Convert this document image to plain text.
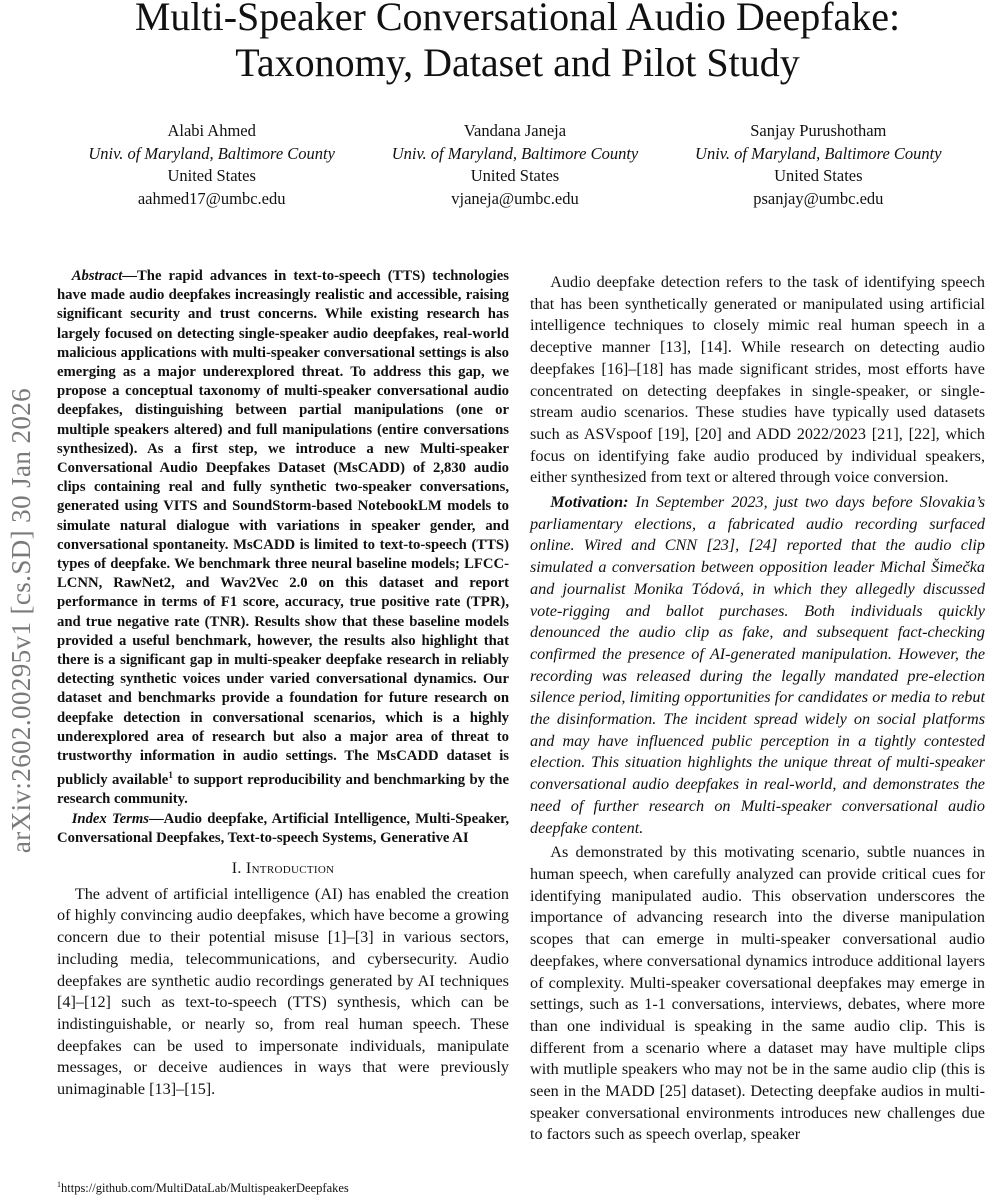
arXiv:2602.00295v1 [cs.SD] 30 Jan 2026
Multi-Speaker Conversational Audio Deepfake:
Taxonomy, Dataset and Pilot Study
Alabi Ahmed
Univ. of Maryland, Baltimore County
United States
aahmed17@umbc.edu
Vandana Janeja
Univ. of Maryland, Baltimore County
United States
vjaneja@umbc.edu
Sanjay Purushotham
Univ. of Maryland, Baltimore County
United States
psanjay@umbc.edu

Abstract—The rapid advances in text-to-speech (TTS) technologies have made audio deepfakes increasingly realistic and accessible, raising significant security and trust concerns. While existing research has largely focused on detecting single-speaker audio deepfakes, real-world malicious applications with multi-speaker conversational settings is also emerging as a major underexplored threat. To address this gap, we propose a conceptual taxonomy of multi-speaker conversational audio deepfakes, distinguishing between partial manipulations (one or multiple speakers altered) and full manipulations (entire conversations synthesized). As a first step, we introduce a new Multi-speaker Conversational Audio Deepfakes Dataset (MsCADD) of 2,830 audio clips containing real and fully synthetic two-speaker conversations, generated using VITS and SoundStorm-based NotebookLM models to simulate natural dialogue with variations in speaker gender, and conversational spontaneity. MsCADD is limited to text-to-speech (TTS) types of deepfake. We benchmark three neural baseline models; LFCC-LCNN, RawNet2, and Wav2Vec 2.0 on this dataset and report performance in terms of F1 score, accuracy, true positive rate (TPR), and true negative rate (TNR). Results show that these baseline models provided a useful benchmark, however, the results also highlight that there is a significant gap in multi-speaker deepfake research in reliably detecting synthetic voices under varied conversational dynamics. Our dataset and benchmarks provide a foundation for future research on deepfake detection in conversational scenarios, which is a highly underexplored area of research but also a major area of threat to trustworthy information in audio settings. The MsCADD dataset is publicly available$^1$ to support reproducibility and benchmarking by the research community.

Index Terms—Audio deepfake, Artificial Intelligence, Multi-Speaker, Conversational Deepfakes, Text-to-speech Systems, Generative AI

I. Introduction

The advent of artificial intelligence (AI) has enabled the creation of highly convincing audio deepfakes, which have become a growing concern due to their potential misuse [1]–[3] in various sectors, including media, telecommunications, and cybersecurity. Audio deepfakes are synthetic audio recordings generated by AI techniques [4]–[12] such as text-to-speech (TTS) synthesis, which can be indistinguishable, or nearly so, from real human speech. These deepfakes can be used to impersonate individuals, manipulate messages, or deceive audiences in ways that were previously unimaginable [13]–[15].

Audio deepfake detection refers to the task of identifying speech that has been synthetically generated or manipulated using artificial intelligence techniques to closely mimic real human speech in a deceptive manner [13], [14]. While research on detecting audio deepfakes [16]–[18] has made significant strides, most efforts have concentrated on detecting deepfakes in single-speaker, or single-stream audio scenarios. These studies have typically used datasets such as ASVspoof [19], [20] and ADD 2022/2023 [21], [22], which focus on identifying fake audio produced by individual speakers, either synthesized from text or altered through voice conversion.

Motivation: In September 2023, just two days before Slovakia’s parliamentary elections, a fabricated audio recording surfaced online. Wired and CNN [23], [24] reported that the audio clip simulated a conversation between opposition leader Michal Šimečka and journalist Monika Tódová, in which they allegedly discussed vote-rigging and ballot purchases. Both individuals quickly denounced the audio clip as fake, and subsequent fact-checking confirmed the presence of AI-generated manipulation. However, the recording was released during the legally mandated pre-election silence period, limiting opportunities for candidates or media to rebut the disinformation. The incident spread widely on social platforms and may have influenced public perception in a tightly contested election. This situation highlights the unique threat of multi-speaker conversational audio deepfakes in real-world, and demonstrates the need of further research on Multi-speaker conversational audio deepfake content.

As demonstrated by this motivating scenario, subtle nuances in human speech, when carefully analyzed can provide critical cues for identifying manipulated audio. This observation underscores the importance of advancing research into the diverse manipulation scopes that can emerge in multi-speaker conversational audio deepfakes, where conversational dynamics introduce additional layers of complexity. Multi-speaker coversational deepfakes may emerge in settings, such as 1-1 conversations, interviews, debates, where more than one individual is speaking in the same audio clip. This is different from a scenario where a dataset may have multiple clips with mutliple speakers who may not be in the same audio clip (this is seen in the MADD [25] dataset). Detecting deepfake audios in multi-speaker conversational environments introduces new challenges due to factors such as speech overlap, speaker

$^1$https://github.com/MultiDataLab/MultispeakerDeepfakes
